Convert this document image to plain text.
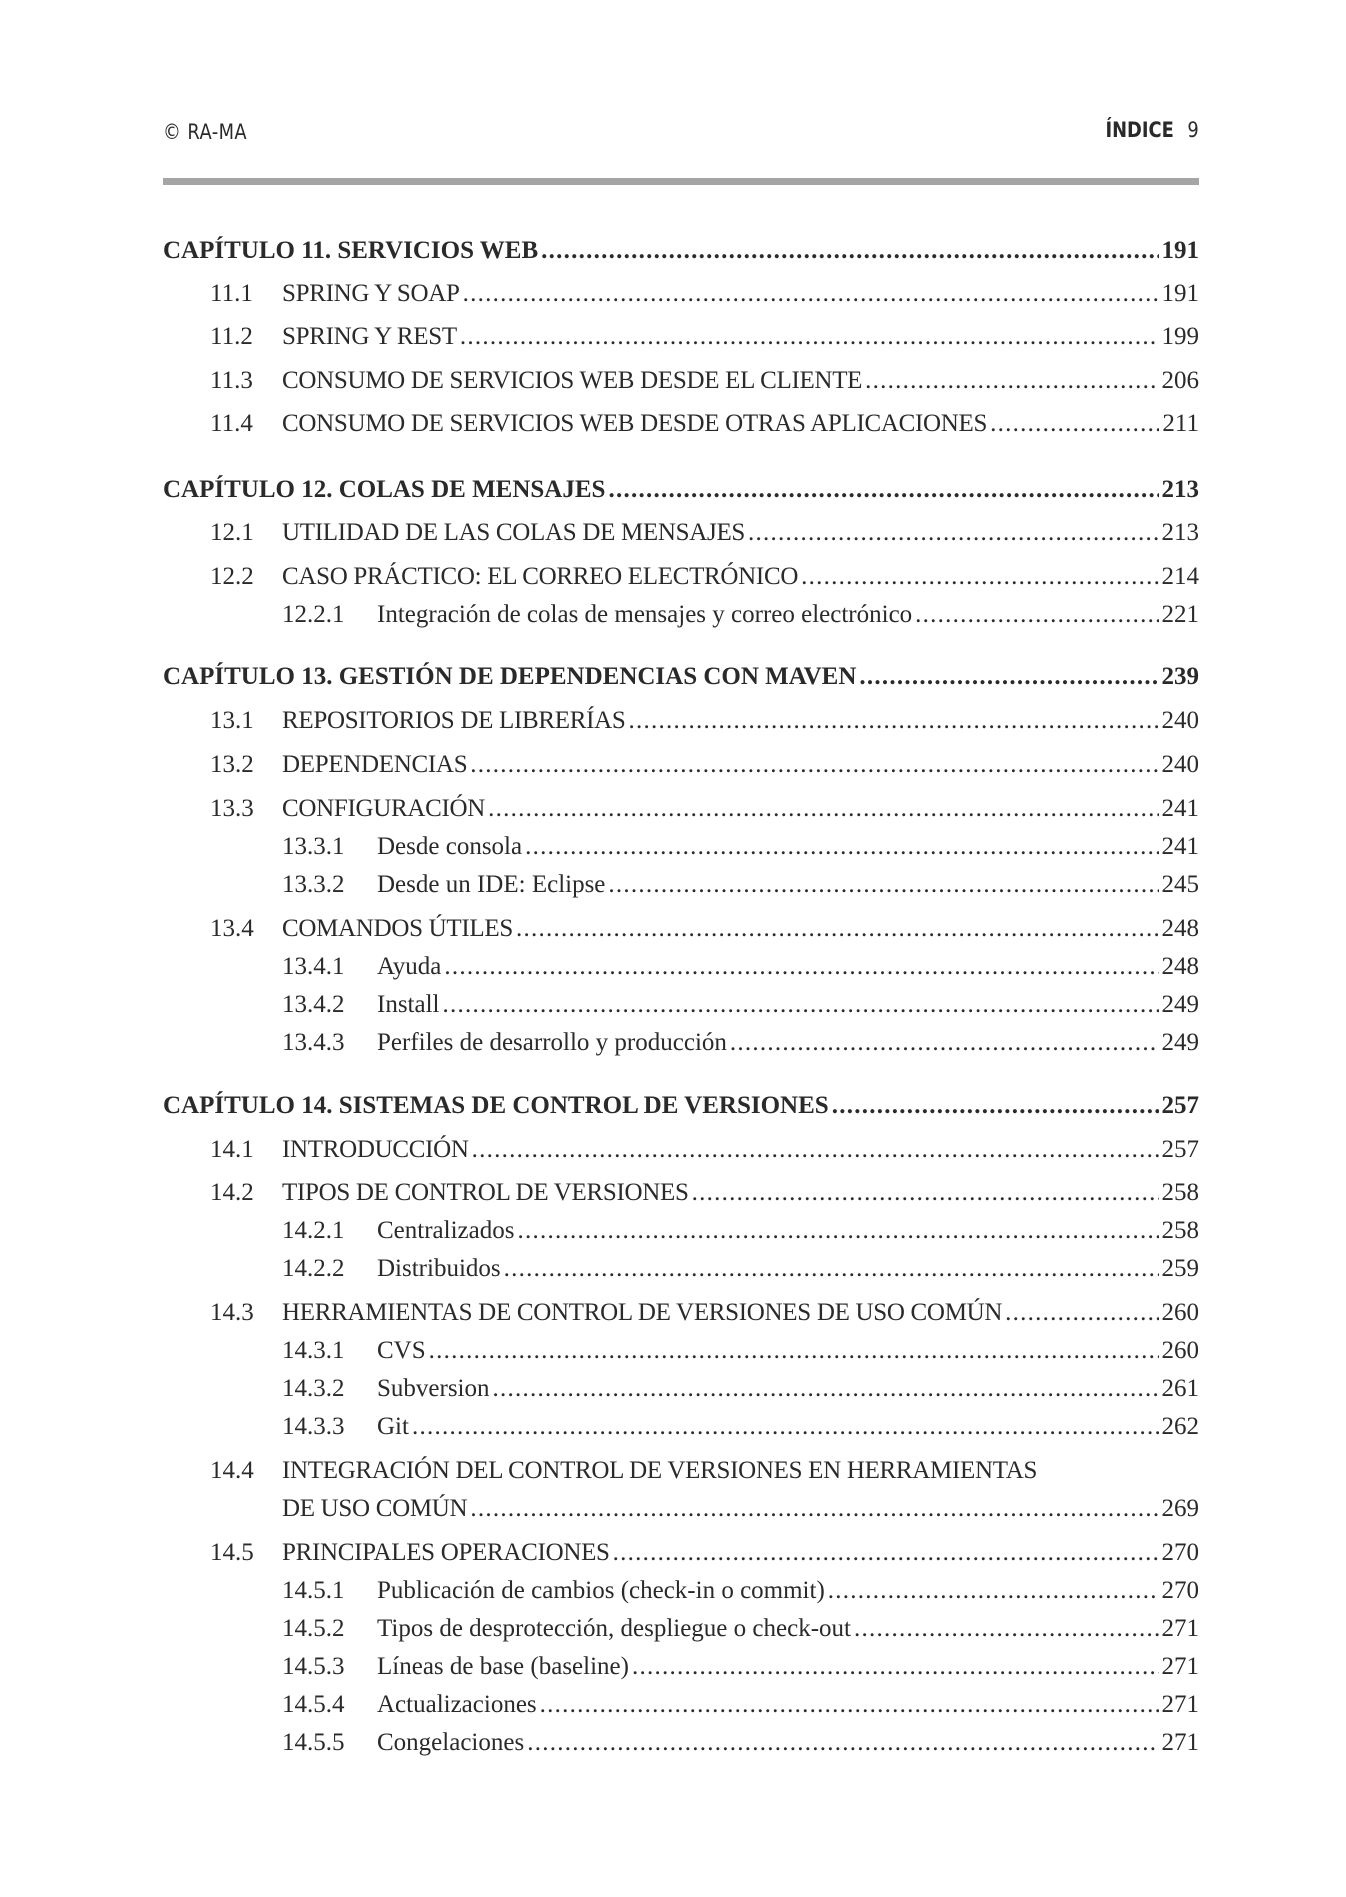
© RA-MA	ÍNDICE 9
CAPÍTULO 11. SERVICIOS WEB . . .	191
11.1	SPRING Y SOAP . . .	191
11.2	SPRING Y REST . . .	199
11.3	CONSUMO DE SERVICIOS WEB DESDE EL CLIENTE . . .	206
11.4	CONSUMO DE SERVICIOS WEB DESDE OTRAS APLICACIONES . . .	211
CAPÍTULO 12. COLAS DE MENSAJES . . .	213
12.1	UTILIDAD DE LAS COLAS DE MENSAJES . . .	213
12.2	CASO PRÁCTICO: EL CORREO ELECTRÓNICO . . .	214
12.2.1	Integración de colas de mensajes y correo electrónico . . .	221
CAPÍTULO 13. GESTIÓN DE DEPENDENCIAS CON MAVEN . . .	239
13.1	REPOSITORIOS DE LIBRERÍAS . . .	240
13.2	DEPENDENCIAS . . .	240
13.3	CONFIGURACIÓN . . .	241
13.3.1	Desde consola . . .	241
13.3.2	Desde un IDE: Eclipse . . .	245
13.4	COMANDOS ÚTILES . . .	248
13.4.1	Ayuda . . .	248
13.4.2	Install . . .	249
13.4.3	Perfiles de desarrollo y producción . . .	249
CAPÍTULO 14. SISTEMAS DE CONTROL DE VERSIONES . . .	257
14.1	INTRODUCCIÓN . . .	257
14.2	TIPOS DE CONTROL DE VERSIONES . . .	258
14.2.1	Centralizados . . .	258
14.2.2	Distribuidos . . .	259
14.3	HERRAMIENTAS DE CONTROL DE VERSIONES DE USO COMÚN . . .	260
14.3.1	CVS . . .	260
14.3.2	Subversion . . .	261
14.3.3	Git . . .	262
14.4	INTEGRACIÓN DEL CONTROL DE VERSIONES EN HERRAMIENTAS
DE USO COMÚN . . .	269
14.5	PRINCIPALES OPERACIONES . . .	270
14.5.1	Publicación de cambios (check-in o commit) . . .	270
14.5.2	Tipos de desprotección, despliegue o check-out . . .	271
14.5.3	Líneas de base (baseline) . . .	271
14.5.4	Actualizaciones . . .	271
14.5.5	Congelaciones . . .	271
